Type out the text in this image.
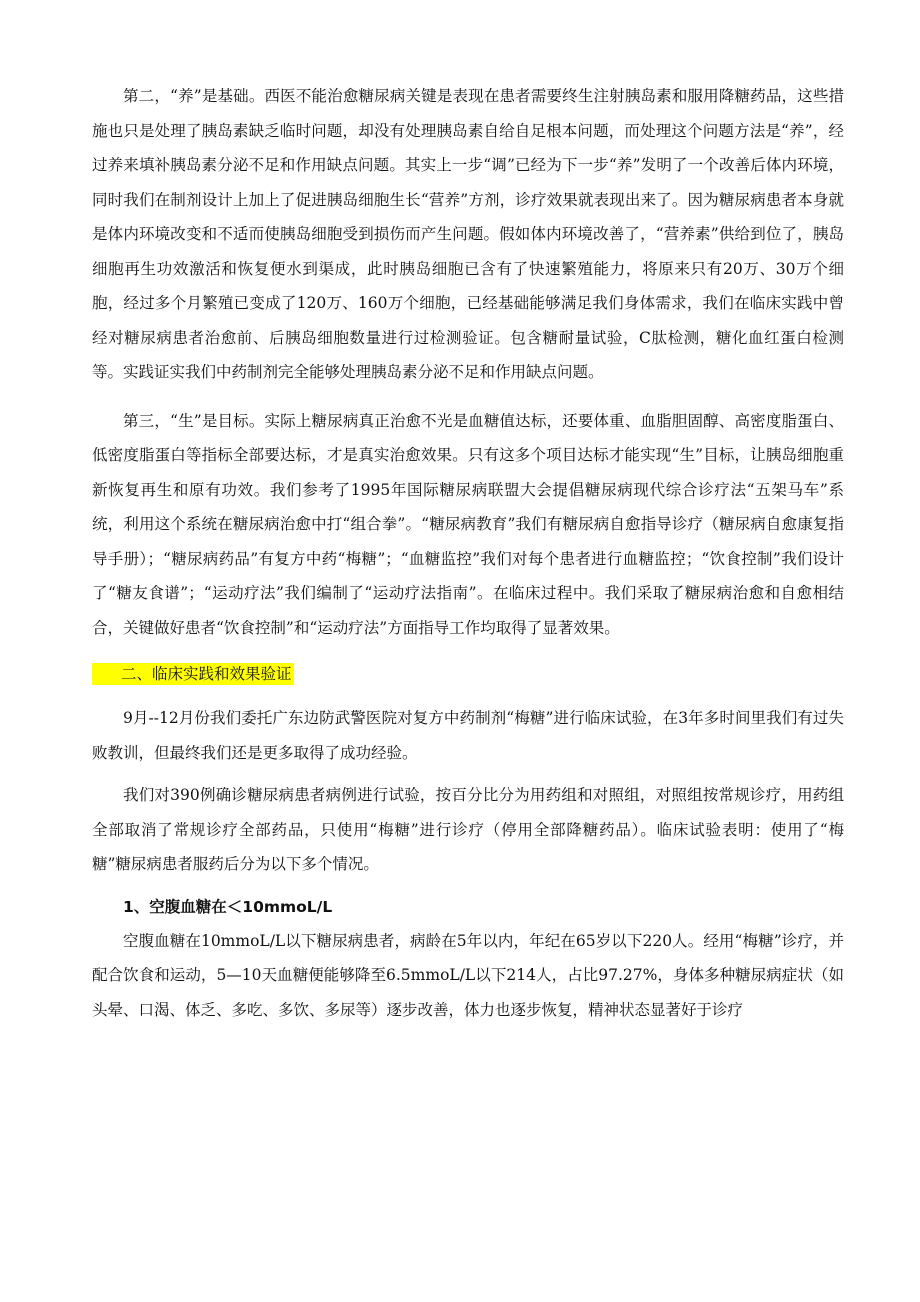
第二，“养”是基础。西医不能治愈糖尿病关键是表现在患者需要终生注射胰岛素和服用降糖药品，这些措施也只是处理了胰岛素缺乏临时问题，却没有处理胰岛素自给自足根本问题，而处理这个问题方法是“养”，经过养来填补胰岛素分泌不足和作用缺点问题。其实上一步“调”已经为下一步“养”发明了一个改善后体内环境，同时我们在制剂设计上加上了促进胰岛细胞生长“营养”方剂，诊疗效果就表现出来了。因为糖尿病患者本身就是体内环境改变和不适而使胰岛细胞受到损伤而产生问题。假如体内环境改善了，“营养素”供给到位了，胰岛细胞再生功效激活和恢复便水到渠成，此时胰岛细胞已含有了快速繁殖能力，将原来只有20万、30万个细胞，经过多个月繁殖已变成了120万、160万个细胞，已经基础能够满足我们身体需求，我们在临床实践中曾经对糖尿病患者治愈前、后胰岛细胞数量进行过检测验证。包含糖耐量试验，C肽检测，糖化血红蛋白检测等。实践证实我们中药制剂完全能够处理胰岛素分泌不足和作用缺点问题。

第三，“生”是目标。实际上糖尿病真正治愈不光是血糖值达标，还要体重、血脂胆固醇、高密度脂蛋白、低密度脂蛋白等指标全部要达标，才是真实治愈效果。只有这多个项目达标才能实现“生”目标，让胰岛细胞重新恢复再生和原有功效。我们参考了1995年国际糖尿病联盟大会提倡糖尿病现代综合诊疗法“五架马车”系统，利用这个系统在糖尿病治愈中打“组合拳”。“糖尿病教育”我们有糖尿病自愈指导诊疗（糖尿病自愈康复指导手册）；“糖尿病药品”有复方中药“梅糖”；“血糖监控”我们对每个患者进行血糖监控；“饮食控制”我们设计了“糖友食谱”；“运动疗法”我们编制了“运动疗法指南”。在临床过程中。我们采取了糖尿病治愈和自愈相结合，关键做好患者“饮食控制”和“运动疗法”方面指导工作均取得了显著效果。

二、临床实践和效果验证

9月--12月份我们委托广东边防武警医院对复方中药制剂“梅糖”进行临床试验，在3年多时间里我们有过失败教训，但最终我们还是更多取得了成功经验。

我们对390例确诊糖尿病患者病例进行试验，按百分比分为用药组和对照组，对照组按常规诊疗，用药组全部取消了常规诊疗全部药品，只使用“梅糖”进行诊疗（停用全部降糖药品）。临床试验表明：使用了“梅糖”糖尿病患者服药后分为以下多个情况。

1、空腹血糖在＜10mmoL/L

空腹血糖在10mmoL/L以下糖尿病患者，病龄在5年以内，年纪在65岁以下220人。经用“梅糖”诊疗，并配合饮食和运动，5—10天血糖便能够降至6.5mmoL/L以下214人，占比97.27%，身体多种糖尿病症状（如头晕、口渴、体乏、多吃、多饮、多尿等）逐步改善，体力也逐步恢复，精神状态显著好于诊疗
